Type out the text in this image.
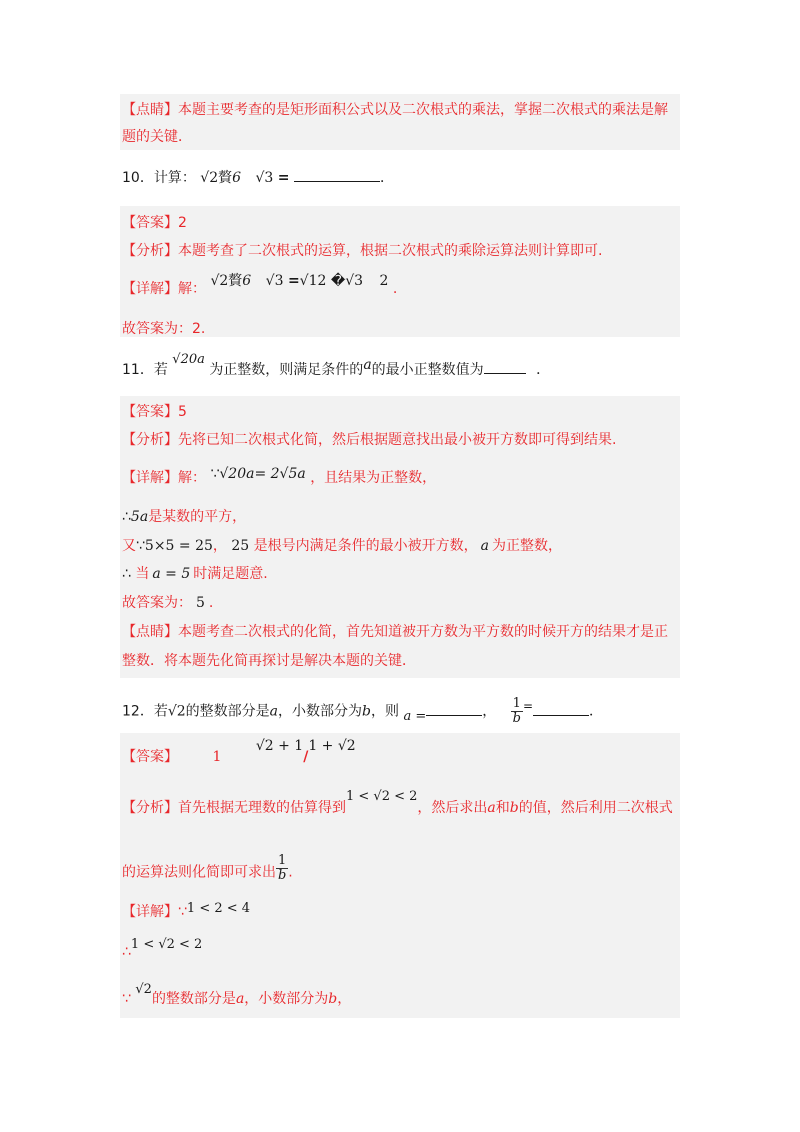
【点睛】本题主要考查的是矩形面积公式以及二次根式的乘法，掌握二次根式的乘法是解
题的关键．
10．计算： √2贅6 √3 =	．
【答案】2
【分析】本题考查了二次根式的运算，根据二次根式的乘除运算法则计算即可.
【详解】解： √2贅6 √3 =√12 �√3 2 .
故答案为：2.
11．若 √20a 为正整数，则满足条件的a的最小正整数值为	．
【答案】5
【分析】先将已知二次根式化简，然后根据题意找出最小被开方数即可得到结果.
【详解】解： ∵√20a= 2√5a ，且结果为正整数，
∴5a是某数的平方，
又∵5×5 = 25， 25 是根号内满足条件的最小被开方数， a 为正整数，
∴ 当 a = 5 时满足题意.
故答案为： 5 .
【点睛】本题考查二次根式的化简，首先知道被开方数为平方数的时候开方的结果才是正
整数．将本题先化简再探讨是解决本题的关键．
12．若√2的整数部分是a，小数部分为b，则 a =	， $\frac{1}{b}$ =	．
【答案】 1 √2 + 1/1 + √2
【分析】首先根据无理数的估算得到1 < √2 < 2，然后求出a和b的值，然后利用二次根式
的运算法则化简即可求出 $\frac{1}{b}$ .
【详解】∵1 < 2 < 4
∴1 < √2 < 2
∵ √2的整数部分是a，小数部分为b，
